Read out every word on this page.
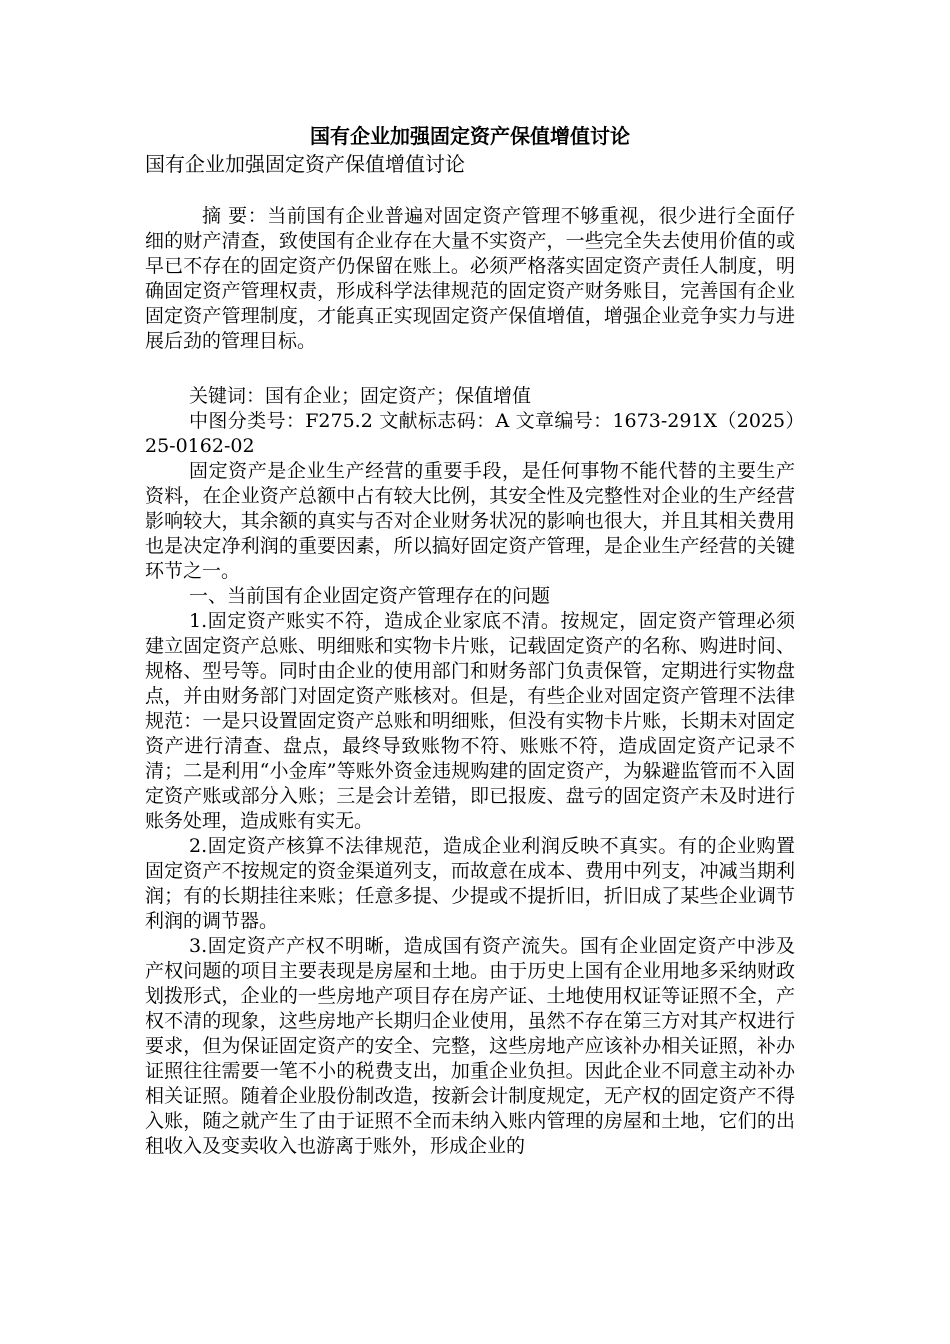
国有企业加强固定资产保值增值讨论
国有企业加强固定资产保值增值讨论

摘 要：当前国有企业普遍对固定资产管理不够重视，很少进行全面仔细的财产清查，致使国有企业存在大量不实资产，一些完全失去使用价值的或早已不存在的固定资产仍保留在账上。必须严格落实固定资产责任人制度，明确固定资产管理权责，形成科学法律规范的固定资产财务账目，完善国有企业固定资产管理制度，才能真正实现固定资产保值增值，增强企业竞争实力与进展后劲的管理目标。

关键词：国有企业；固定资产；保值增值

中图分类号：F275.2 文献标志码：A 文章编号：1673-291X（2025）25-0162-02

固定资产是企业生产经营的重要手段，是任何事物不能代替的主要生产资料，在企业资产总额中占有较大比例，其安全性及完整性对企业的生产经营影响较大，其余额的真实与否对企业财务状况的影响也很大，并且其相关费用也是决定净利润的重要因素，所以搞好固定资产管理，是企业生产经营的关键环节之一。

一、当前国有企业固定资产管理存在的问题

1.固定资产账实不符，造成企业家底不清。按规定，固定资产管理必须建立固定资产总账、明细账和实物卡片账，记载固定资产的名称、购进时间、规格、型号等。同时由企业的使用部门和财务部门负责保管，定期进行实物盘点，并由财务部门对固定资产账核对。但是，有些企业对固定资产管理不法律规范：一是只设置固定资产总账和明细账，但没有实物卡片账，长期未对固定资产进行清查、盘点，最终导致账物不符、账账不符，造成固定资产记录不清；二是利用“小金库”等账外资金违规购建的固定资产，为躲避监管而不入固定资产账或部分入账；三是会计差错，即已报废、盘亏的固定资产未及时进行账务处理，造成账有实无。

2.固定资产核算不法律规范，造成企业利润反映不真实。有的企业购置固定资产不按规定的资金渠道列支，而故意在成本、费用中列支，冲减当期利润；有的长期挂往来账；任意多提、少提或不提折旧，折旧成了某些企业调节利润的调节器。

3.固定资产产权不明晰，造成国有资产流失。国有企业固定资产中涉及产权问题的项目主要表现是房屋和土地。由于历史上国有企业用地多采纳财政划拨形式，企业的一些房地产项目存在房产证、土地使用权证等证照不全，产权不清的现象，这些房地产长期归企业使用，虽然不存在第三方对其产权进行要求，但为保证固定资产的安全、完整，这些房地产应该补办相关证照，补办证照往往需要一笔不小的税费支出，加重企业负担。因此企业不同意主动补办相关证照。随着企业股份制改造，按新会计制度规定，无产权的固定资产不得入账，随之就产生了由于证照不全而未纳入账内管理的房屋和土地，它们的出租收入及变卖收入也游离于账外，形成企业的
